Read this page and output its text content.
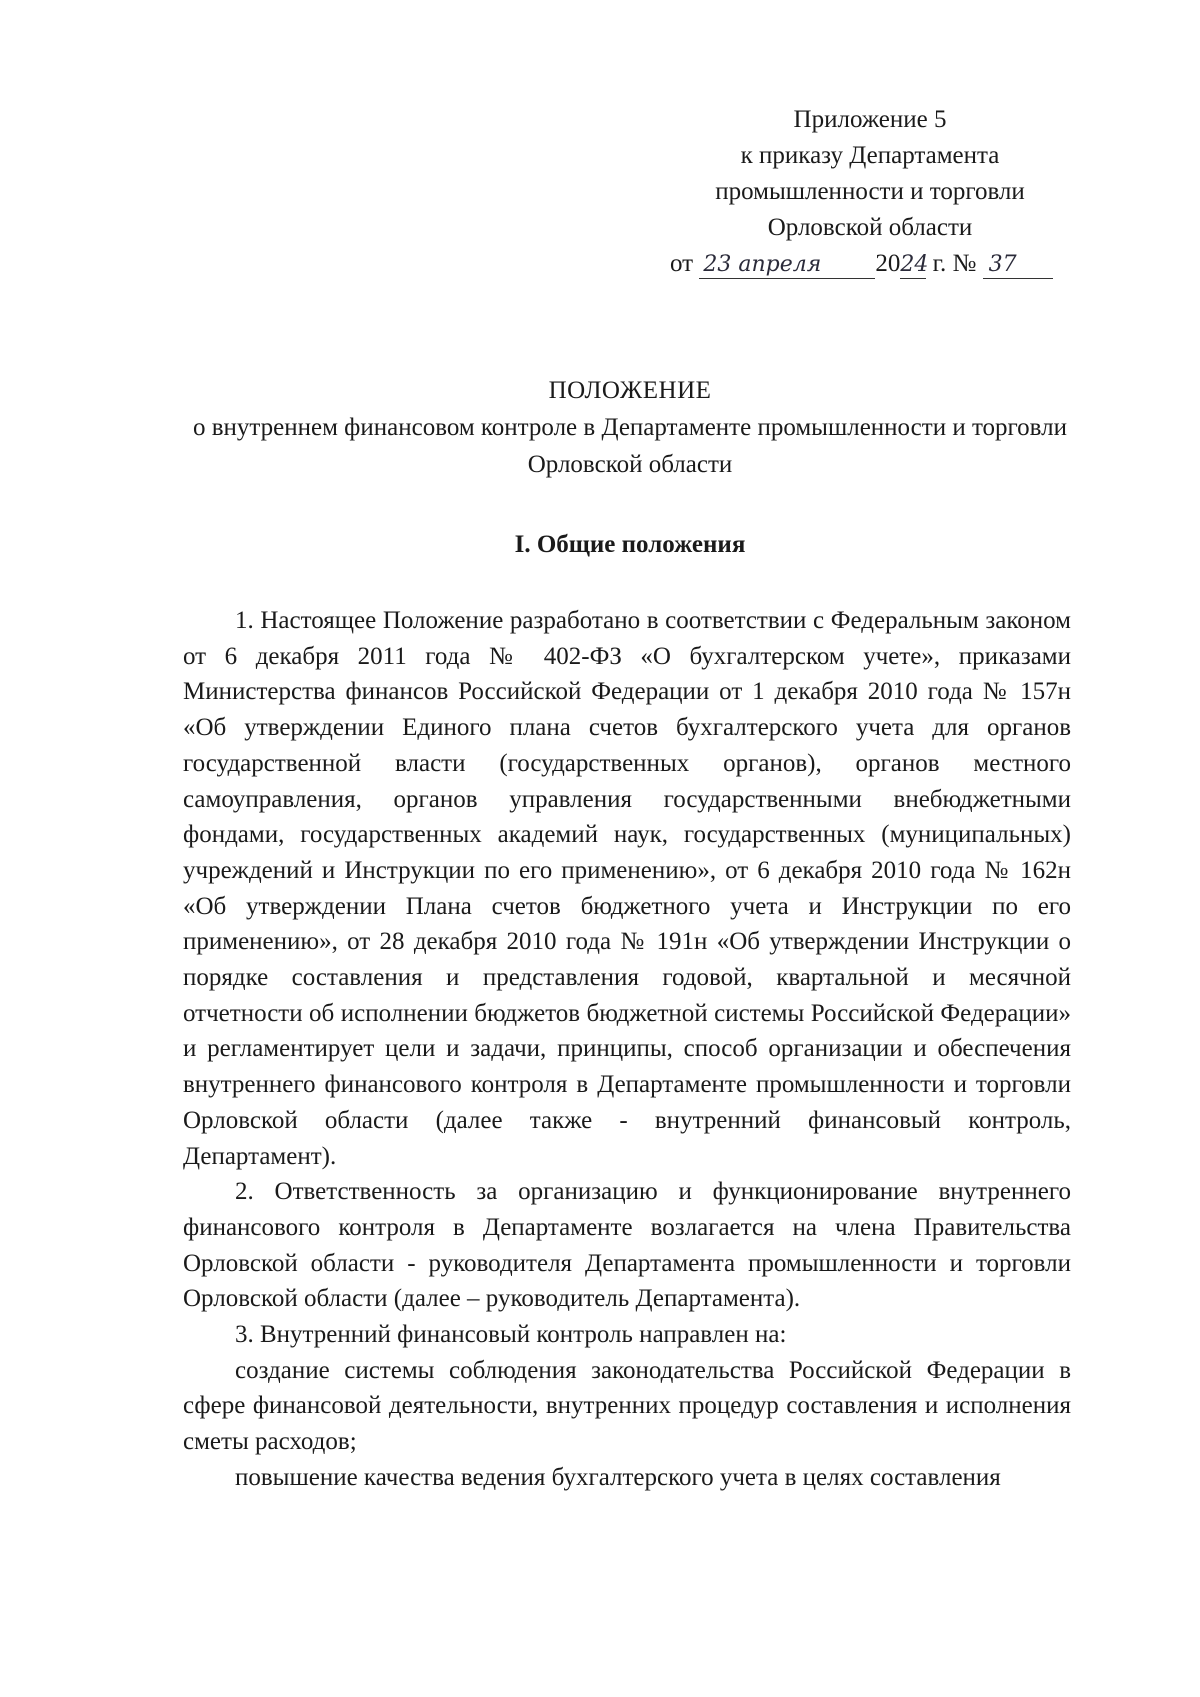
Приложение 5
к приказу Департамента
промышленности и торговли
Орловской области
от 23 апреля 2024 г. № 37
ПОЛОЖЕНИЕ
о внутреннем финансовом контроле в Департаменте промышленности и торговли Орловской области
I. Общие положения

1. Настоящее Положение разработано в соответствии с Федеральным законом от 6 декабря 2011 года № 402-ФЗ «О бухгалтерском учете», приказами Министерства финансов Российской Федерации от 1 декабря 2010 года № 157н «Об утверждении Единого плана счетов бухгалтерского учета для органов государственной власти (государственных органов), органов местного самоуправления, органов управления государственными внебюджетными фондами, государственных академий наук, государственных (муниципальных) учреждений и Инструкции по его применению», от 6 декабря 2010 года № 162н «Об утверждении Плана счетов бюджетного учета и Инструкции по его применению», от 28 декабря 2010 года № 191н «Об утверждении Инструкции о порядке составления и представления годовой, квартальной и месячной отчетности об исполнении бюджетов бюджетной системы Российской Федерации» и регламентирует цели и задачи, принципы, способ организации и обеспечения внутреннего финансового контроля в Департаменте промышленности и торговли Орловской области (далее также - внутренний финансовый контроль, Департамент).

2. Ответственность за организацию и функционирование внутреннего финансового контроля в Департаменте возлагается на члена Правительства Орловской области - руководителя Департамента промышленности и торговли Орловской области (далее – руководитель Департамента).

3. Внутренний финансовый контроль направлен на:

создание системы соблюдения законодательства Российской Федерации в сфере финансовой деятельности, внутренних процедур составления и исполнения сметы расходов;

повышение качества ведения бухгалтерского учета в целях составления
